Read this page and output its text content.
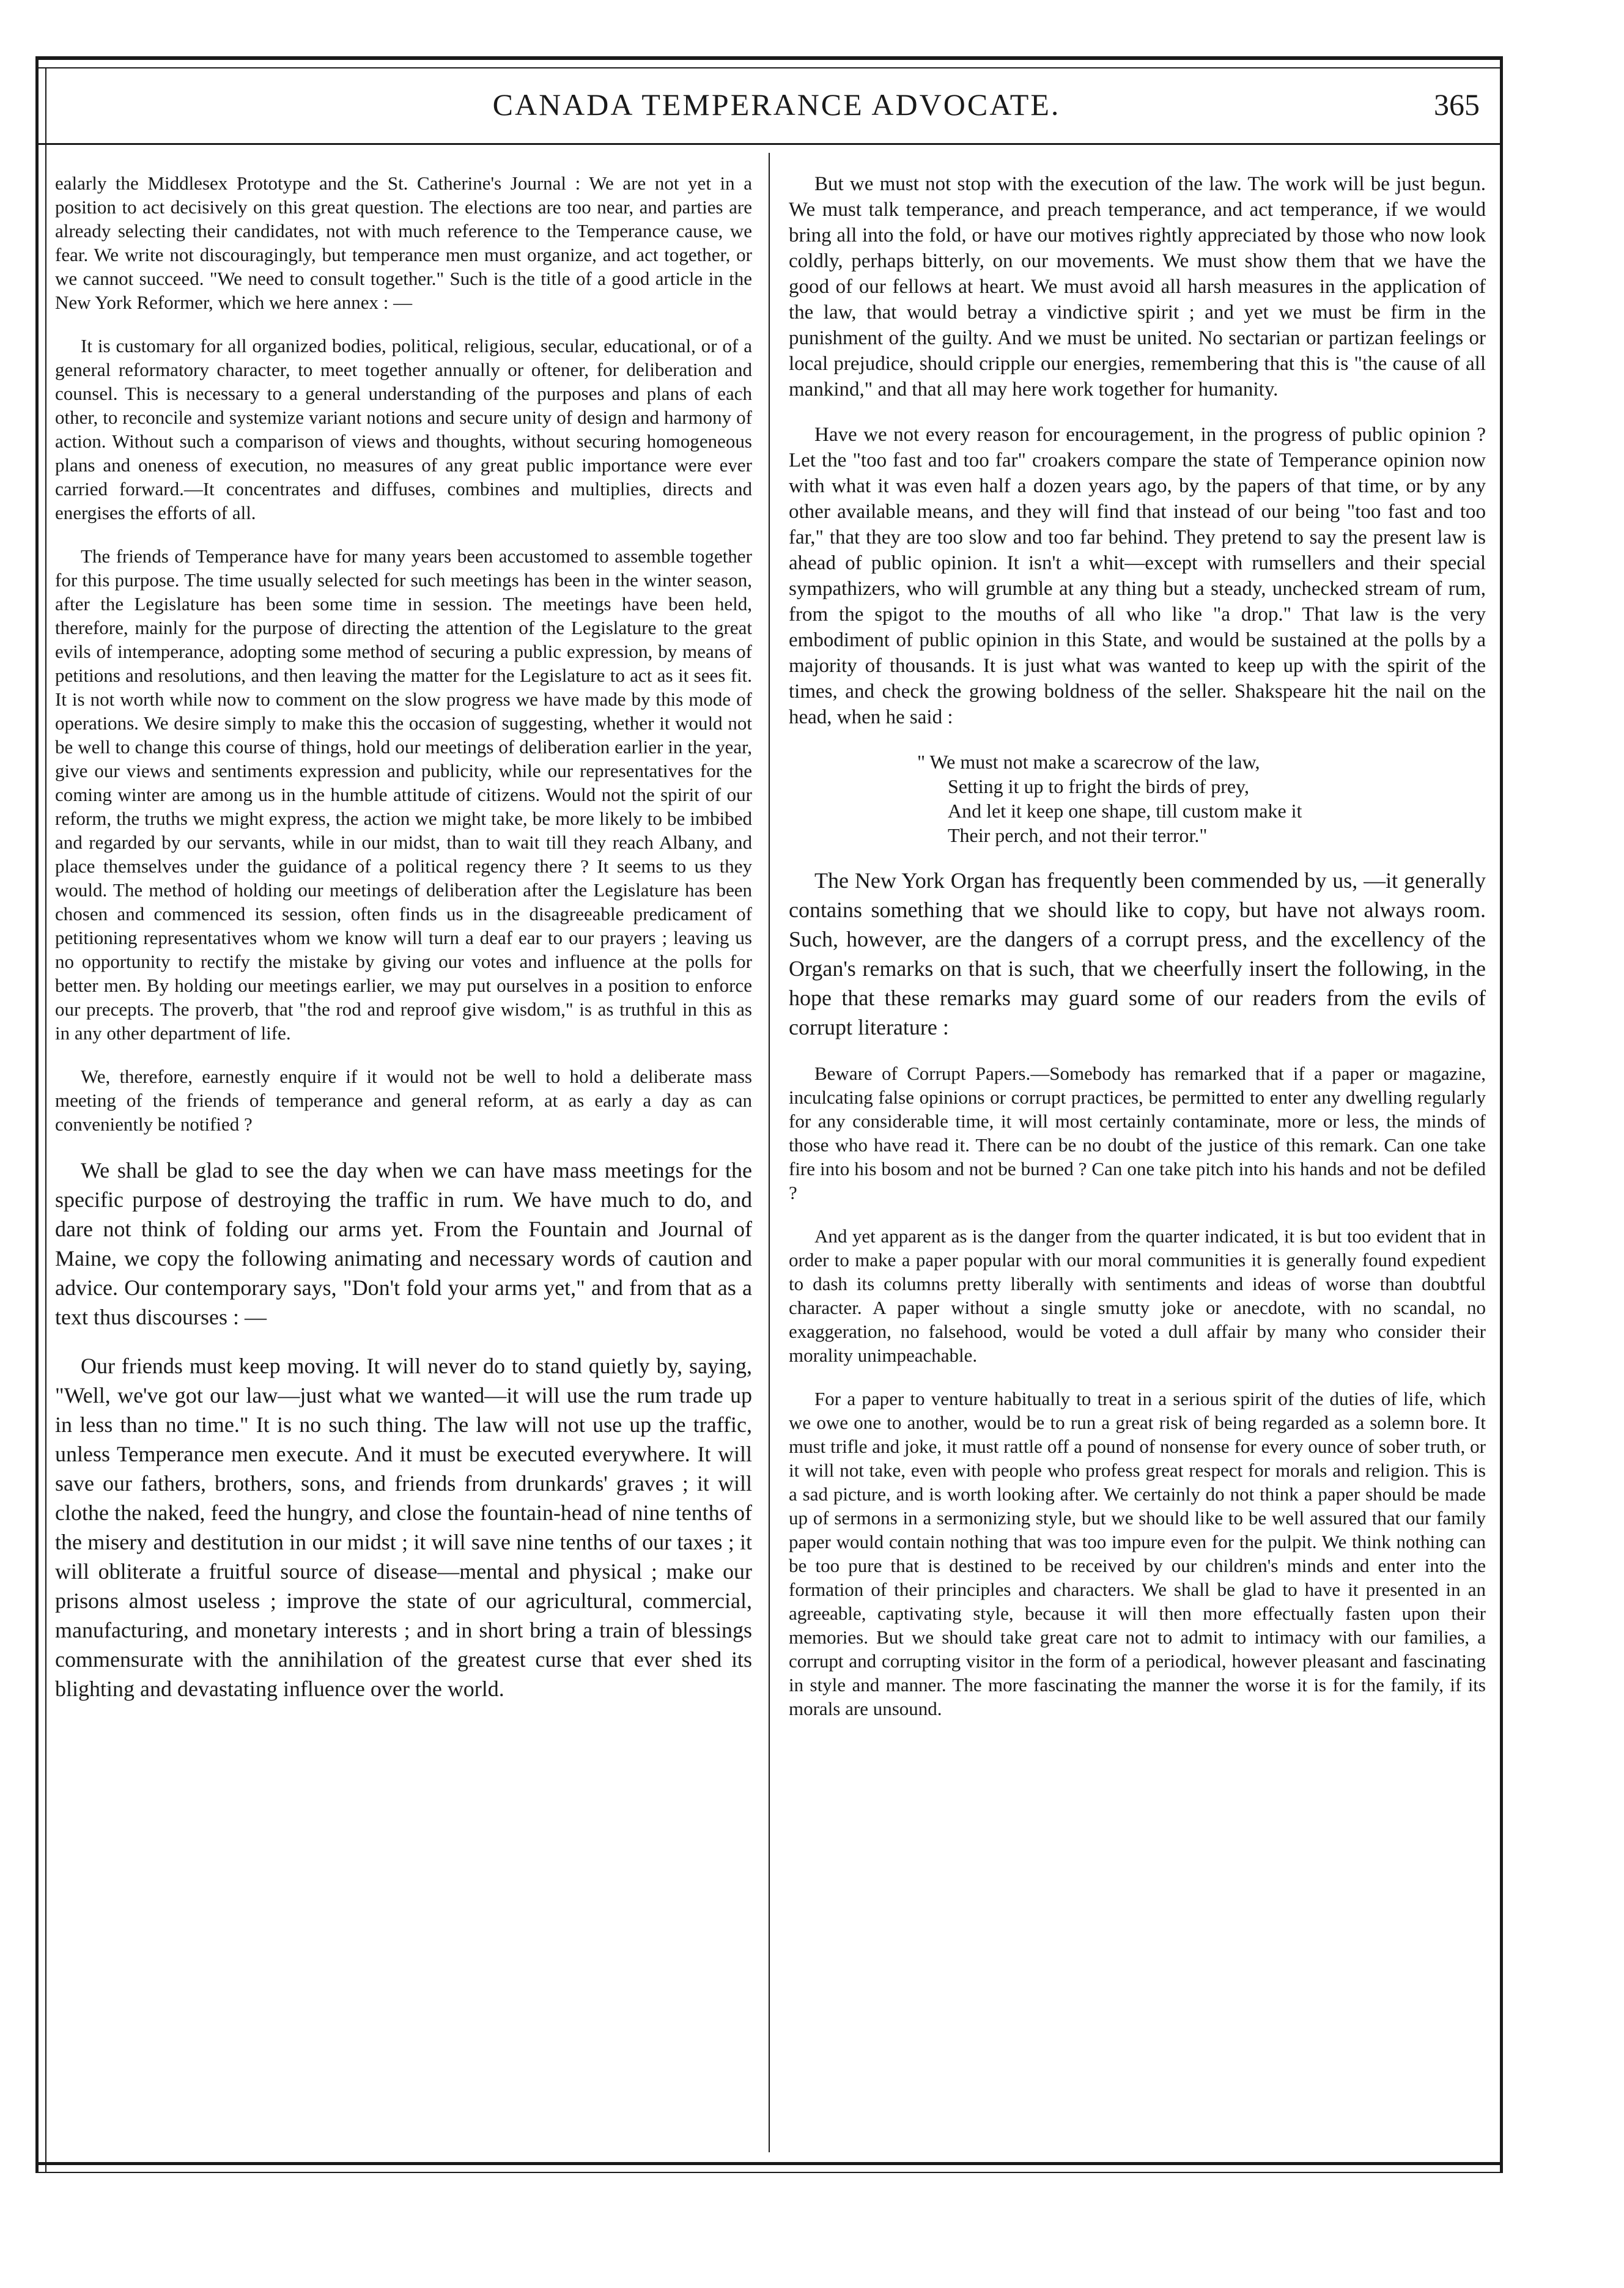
CANADA TEMPERANCE ADVOCATE.	365

ealarly the Middlesex Prototype and the St. Catherine's Journal : We are not yet in a position to act decisively on this great question. The elections are too near, and parties are already selecting their candidates, not with much reference to the Temperance cause, we fear. We write not discouragingly, but temperance men must organize, and act together, or we cannot succeed. "We need to consult together." Such is the title of a good article in the New York Reformer, which we here annex : —

It is customary for all organized bodies, political, religious, secular, educational, or of a general reformatory character, to meet together annually or oftener, for deliberation and counsel. This is necessary to a general understanding of the purposes and plans of each other, to reconcile and systemize variant notions and secure unity of design and harmony of action. Without such a comparison of views and thoughts, without securing homogeneous plans and oneness of execution, no measures of any great public importance were ever carried forward.—It concentrates and diffuses, combines and multiplies, directs and energises the efforts of all.

The friends of Temperance have for many years been accustomed to assemble together for this purpose. The time usually selected for such meetings has been in the winter season, after the Legislature has been some time in session. The meetings have been held, therefore, mainly for the purpose of directing the attention of the Legislature to the great evils of intemperance, adopting some method of securing a public expression, by means of petitions and resolutions, and then leaving the matter for the Legislature to act as it sees fit. It is not worth while now to comment on the slow progress we have made by this mode of operations. We desire simply to make this the occasion of suggesting, whether it would not be well to change this course of things, hold our meetings of deliberation earlier in the year, give our views and sentiments expression and publicity, while our representatives for the coming winter are among us in the humble attitude of citizens. Would not the spirit of our reform, the truths we might express, the action we might take, be more likely to be imbibed and regarded by our servants, while in our midst, than to wait till they reach Albany, and place themselves under the guidance of a political regency there ? It seems to us they would. The method of holding our meetings of deliberation after the Legislature has been chosen and commenced its session, often finds us in the disagreeable predicament of petitioning representatives whom we know will turn a deaf ear to our prayers ; leaving us no opportunity to rectify the mistake by giving our votes and influence at the polls for better men. By holding our meetings earlier, we may put ourselves in a position to enforce our precepts. The proverb, that "the rod and reproof give wisdom," is as truthful in this as in any other department of life.

We, therefore, earnestly enquire if it would not be well to hold a deliberate mass meeting of the friends of temperance and general reform, at as early a day as can conveniently be notified ?

We shall be glad to see the day when we can have mass meetings for the specific purpose of destroying the traffic in rum. We have much to do, and dare not think of folding our arms yet. From the Fountain and Journal of Maine, we copy the following animating and necessary words of caution and advice. Our contemporary says, "Don't fold your arms yet," and from that as a text thus discourses : —

Our friends must keep moving. It will never do to stand quietly by, saying, "Well, we've got our law—just what we wanted—it will use the rum trade up in less than no time." It is no such thing. The law will not use up the traffic, unless Temperance men execute. And it must be executed everywhere. It will save our fathers, brothers, sons, and friends from drunkards' graves ; it will clothe the naked, feed the hungry, and close the fountain-head of nine tenths of the misery and destitution in our midst ; it will save nine tenths of our taxes ; it will obliterate a fruitful source of disease—mental and physical ; make our prisons almost useless ; improve the state of our agricultural, commercial, manufacturing, and monetary interests ; and in short bring a train of blessings commensurate with the annihilation of the greatest curse that ever shed its blighting and devastating influence over the world.

But we must not stop with the execution of the law. The work will be just begun. We must talk temperance, and preach temperance, and act temperance, if we would bring all into the fold, or have our motives rightly appreciated by those who now look coldly, perhaps bitterly, on our movements. We must show them that we have the good of our fellows at heart. We must avoid all harsh measures in the application of the law, that would betray a vindictive spirit ; and yet we must be firm in the punishment of the guilty. And we must be united. No sectarian or partizan feelings or local prejudice, should cripple our energies, remembering that this is "the cause of all mankind," and that all may here work together for humanity.

Have we not every reason for encouragement, in the progress of public opinion ? Let the "too fast and too far" croakers compare the state of Temperance opinion now with what it was even half a dozen years ago, by the papers of that time, or by any other available means, and they will find that instead of our being "too fast and too far," that they are too slow and too far behind. They pretend to say the present law is ahead of public opinion. It isn't a whit—except with rumsellers and their special sympathizers, who will grumble at any thing but a steady, unchecked stream of rum, from the spigot to the mouths of all who like "a drop." That law is the very embodiment of public opinion in this State, and would be sustained at the polls by a majority of thousands. It is just what was wanted to keep up with the spirit of the times, and check the growing boldness of the seller. Shakspeare hit the nail on the head, when he said :

" We must not make a scarecrow of the law,
Setting it up to fright the birds of prey,
And let it keep one shape, till custom make it
Their perch, and not their terror."

The New York Organ has frequently been commended by us, —it generally contains something that we should like to copy, but have not always room. Such, however, are the dangers of a corrupt press, and the excellency of the Organ's remarks on that is such, that we cheerfully insert the following, in the hope that these remarks may guard some of our readers from the evils of corrupt literature :

Beware of Corrupt Papers.—Somebody has remarked that if a paper or magazine, inculcating false opinions or corrupt practices, be permitted to enter any dwelling regularly for any considerable time, it will most certainly contaminate, more or less, the minds of those who have read it. There can be no doubt of the justice of this remark. Can one take fire into his bosom and not be burned ? Can one take pitch into his hands and not be defiled ?

And yet apparent as is the danger from the quarter indicated, it is but too evident that in order to make a paper popular with our moral communities it is generally found expedient to dash its columns pretty liberally with sentiments and ideas of worse than doubtful character. A paper without a single smutty joke or anecdote, with no scandal, no exaggeration, no falsehood, would be voted a dull affair by many who consider their morality unimpeachable.

For a paper to venture habitually to treat in a serious spirit of the duties of life, which we owe one to another, would be to run a great risk of being regarded as a solemn bore. It must trifle and joke, it must rattle off a pound of nonsense for every ounce of sober truth, or it will not take, even with people who profess great respect for morals and religion. This is a sad picture, and is worth looking after. We certainly do not think a paper should be made up of sermons in a sermonizing style, but we should like to be well assured that our family paper would contain nothing that was too impure even for the pulpit. We think nothing can be too pure that is destined to be received by our children's minds and enter into the formation of their principles and characters. We shall be glad to have it presented in an agreeable, captivating style, because it will then more effectually fasten upon their memories. But we should take great care not to admit to intimacy with our families, a corrupt and corrupting visitor in the form of a periodical, however pleasant and fascinating in style and manner. The more fascinating the manner the worse it is for the family, if its morals are unsound.
